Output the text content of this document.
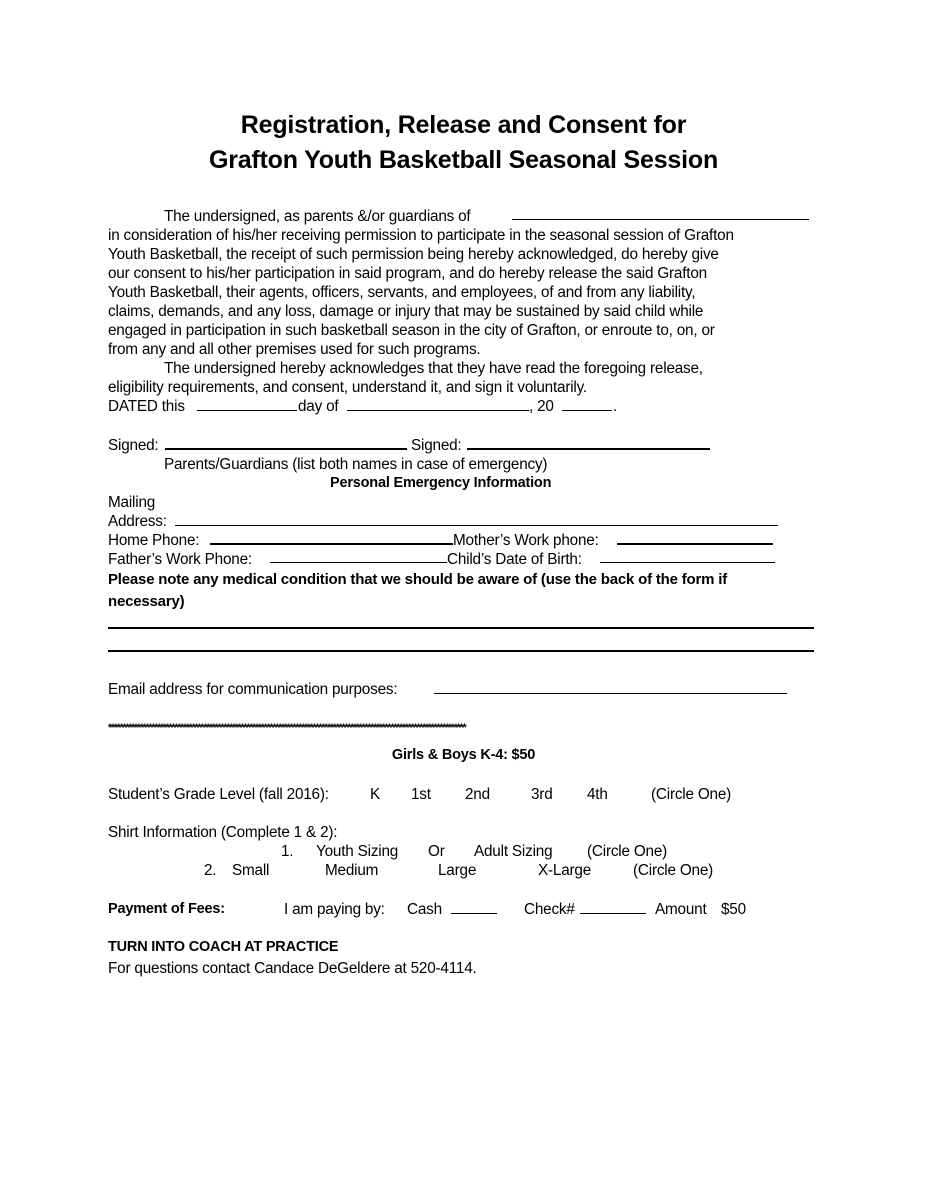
Registration, Release and Consent for
Grafton Youth Basketball Seasonal Session
The undersigned, as parents &/or guardians of
in consideration of his/her receiving permission to participate in the seasonal session of Grafton
Youth Basketball, the receipt of such permission being hereby acknowledged, do hereby give
our consent to his/her participation in said program, and do hereby release the said Grafton
Youth Basketball, their agents, officers, servants, and employees, of and from any liability,
claims, demands, and any loss, damage or injury that may be sustained by said child while
engaged in participation in such basketball season in the city of Grafton, or enroute to, on, or
from any and all other premises used for such programs.
The undersigned hereby acknowledges that they have read the foregoing release,
eligibility requirements, and consent, understand it, and sign it voluntarily.
DATED this	day of	, 20	.
Signed:	Signed:
Parents/Guardians (list both names in case of emergency)
Personal Emergency Information
Mailing
Address:
Home Phone:	Mother’s Work phone:
Father’s Work Phone:	Child’s Date of Birth:
Please note any medical condition that we should be aware of (use the back of the form if
necessary)
Email address for communication purposes:
****************************************************************************************************************************
Girls & Boys K-4: $50
Student’s Grade Level (fall 2016):	K 1st 2nd	3rd 4th	(Circle One)
Shirt Information (Complete 1 & 2):
1. Youth Sizing Or Adult Sizing (Circle One)
2. Small	Medium	Large	X-Large	(Circle One)
Payment of Fees:	I am paying by: Cash	Check#	Amount $50
TURN INTO COACH AT PRACTICE
For questions contact Candace DeGeldere at 520-4114.
